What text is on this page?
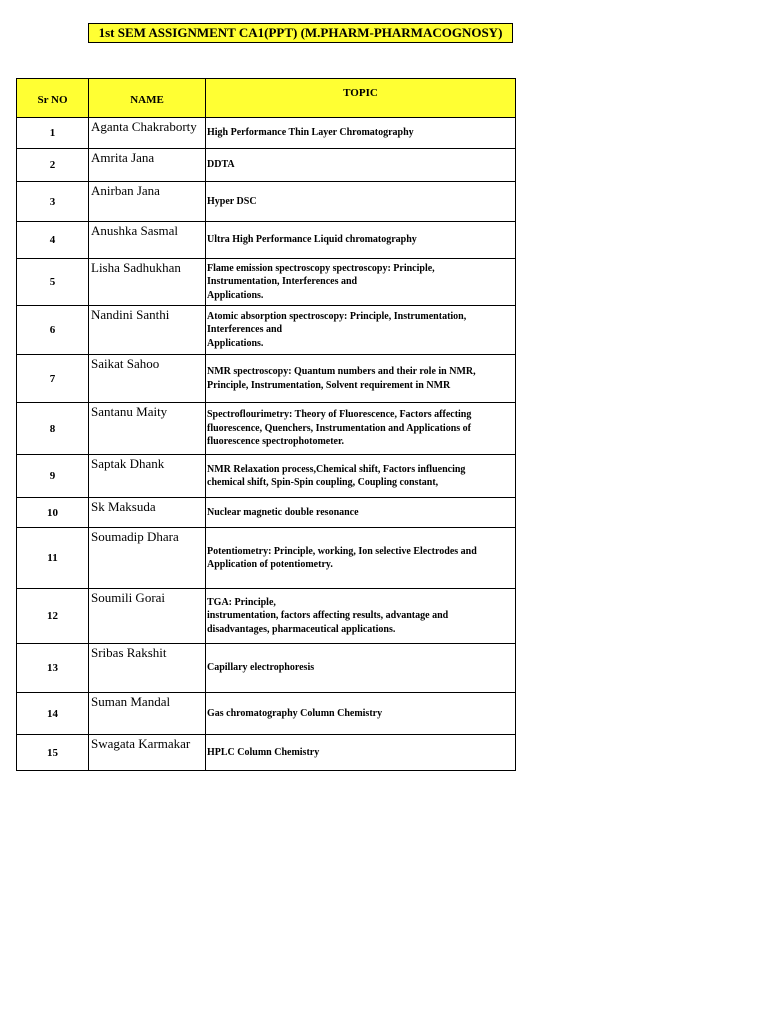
1st SEM ASSIGNMENT CA1(PPT) (M.PHARM-PHARMACOGNOSY)
Sr NO	NAME	TOPIC
1	Aganta Chakraborty	High Performance Thin Layer Chromatography
2	Amrita Jana	DDTA
3	Anirban Jana	Hyper DSC
4	Anushka Sasmal	Ultra High Performance Liquid chromatography
5	Lisha Sadhukhan	Flame emission spectroscopy spectroscopy: Principle,
Instrumentation, Interferences and
Applications.
6	Nandini Santhi	Atomic absorption spectroscopy: Principle, Instrumentation,
Interferences and
Applications.
7	Saikat Sahoo	NMR spectroscopy: Quantum numbers and their role in NMR,
Principle, Instrumentation, Solvent requirement in NMR
8	Santanu Maity	Spectroflourimetry: Theory of Fluorescence, Factors affecting
fluorescence, Quenchers, Instrumentation and Applications of
fluorescence spectrophotometer.
9	Saptak Dhank	NMR Relaxation process,Chemical shift, Factors influencing
chemical shift, Spin-Spin coupling, Coupling constant,
10	Sk Maksuda	Nuclear magnetic double resonance
11	Soumadip Dhara	Potentiometry: Principle, working, Ion selective Electrodes and
Application of potentiometry.
12	Soumili Gorai	TGA: Principle,
instrumentation, factors affecting results, advantage and
disadvantages, pharmaceutical applications.
13	Sribas Rakshit	Capillary electrophoresis
14	Suman Mandal	Gas chromatography Column Chemistry
15	Swagata Karmakar	HPLC Column Chemistry
